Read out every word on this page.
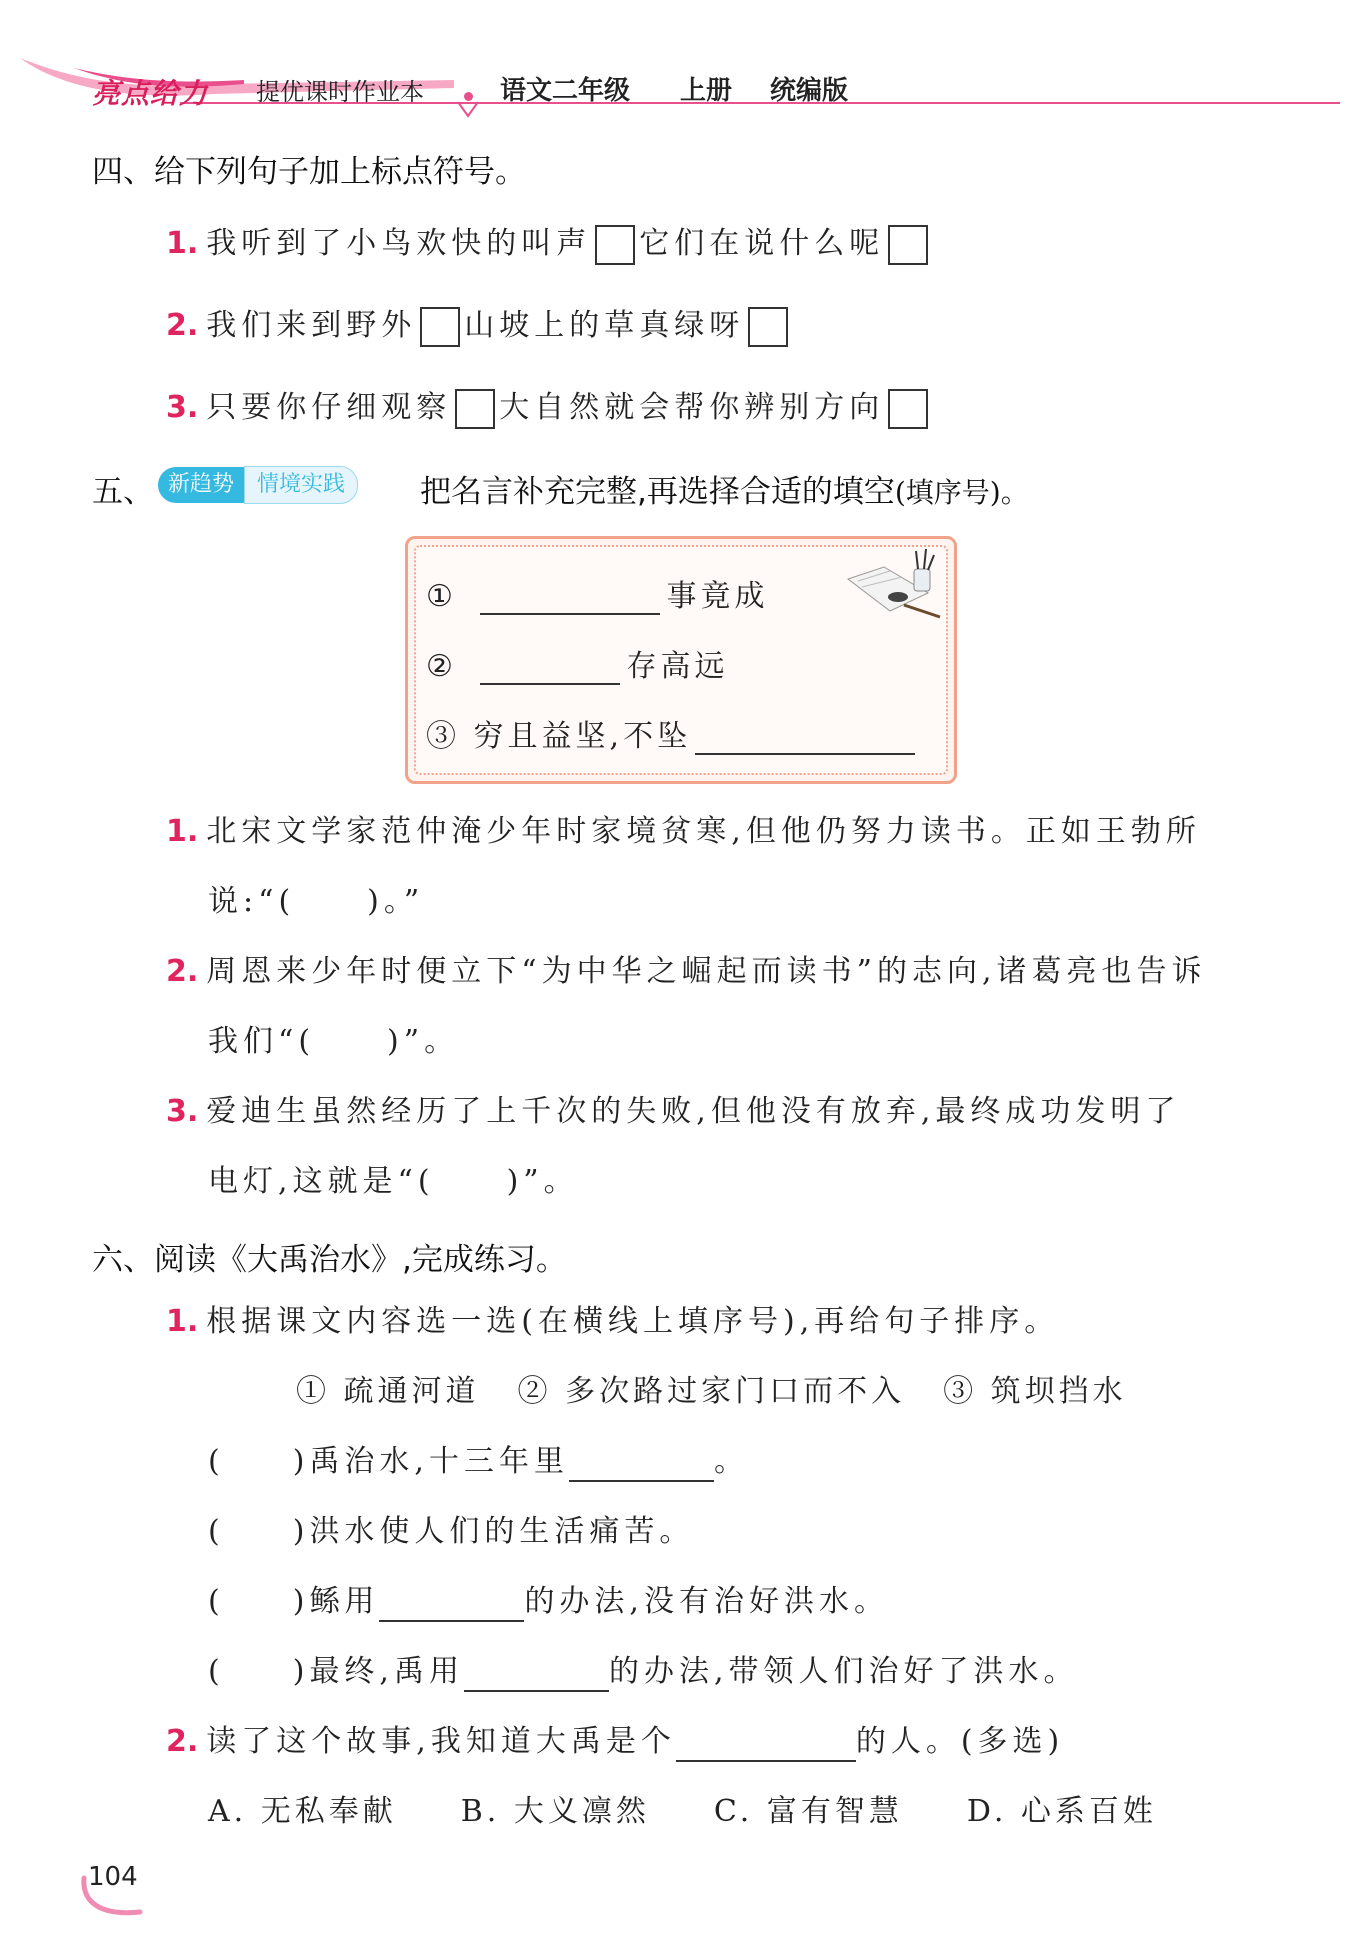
亮点给力 提优课时作业本	语文二年级 上册 统编版
四、给下列句子加上标点符号。
1. 我听到了小鸟欢快的叫声 它们在说什么呢
2. 我们来到野外 山坡上的草真绿呀
3. 只要你仔细观察 大自然就会帮你辨别方向
五、 新趋势	情境实践	把名言补充完整,再选择合适的填空(填序号)。
①	事竟成
②	存高远
③ 穷且益坚,不坠
1. 北宋文学家范仲淹少年时家境贫寒,但他仍努力读书。正如王勃所
说:“( )。”
2. 周恩来少年时便立下“为中华之崛起而读书”的志向,诸葛亮也告诉
我们“( )”。
3. 爱迪生虽然经历了上千次的失败,但他没有放弃,最终成功发明了
电灯,这就是“( )”。
六、阅读《大禹治水》,完成练习。
1. 根据课文内容选一选(在横线上填序号),再给句子排序。
① 疏通河道 ② 多次路过家门口而不入 ③ 筑坝挡水
( )禹治水,十三年里	。
( )洪水使人们的生活痛苦。
( )鲧用	的办法,没有治好洪水。
( )最终,禹用	的办法,带领人们治好了洪水。
2. 读了这个故事,我知道大禹是个	的人。(多选)
A. 无私奉献 B. 大义凛然 C. 富有智慧 D. 心系百姓
104
